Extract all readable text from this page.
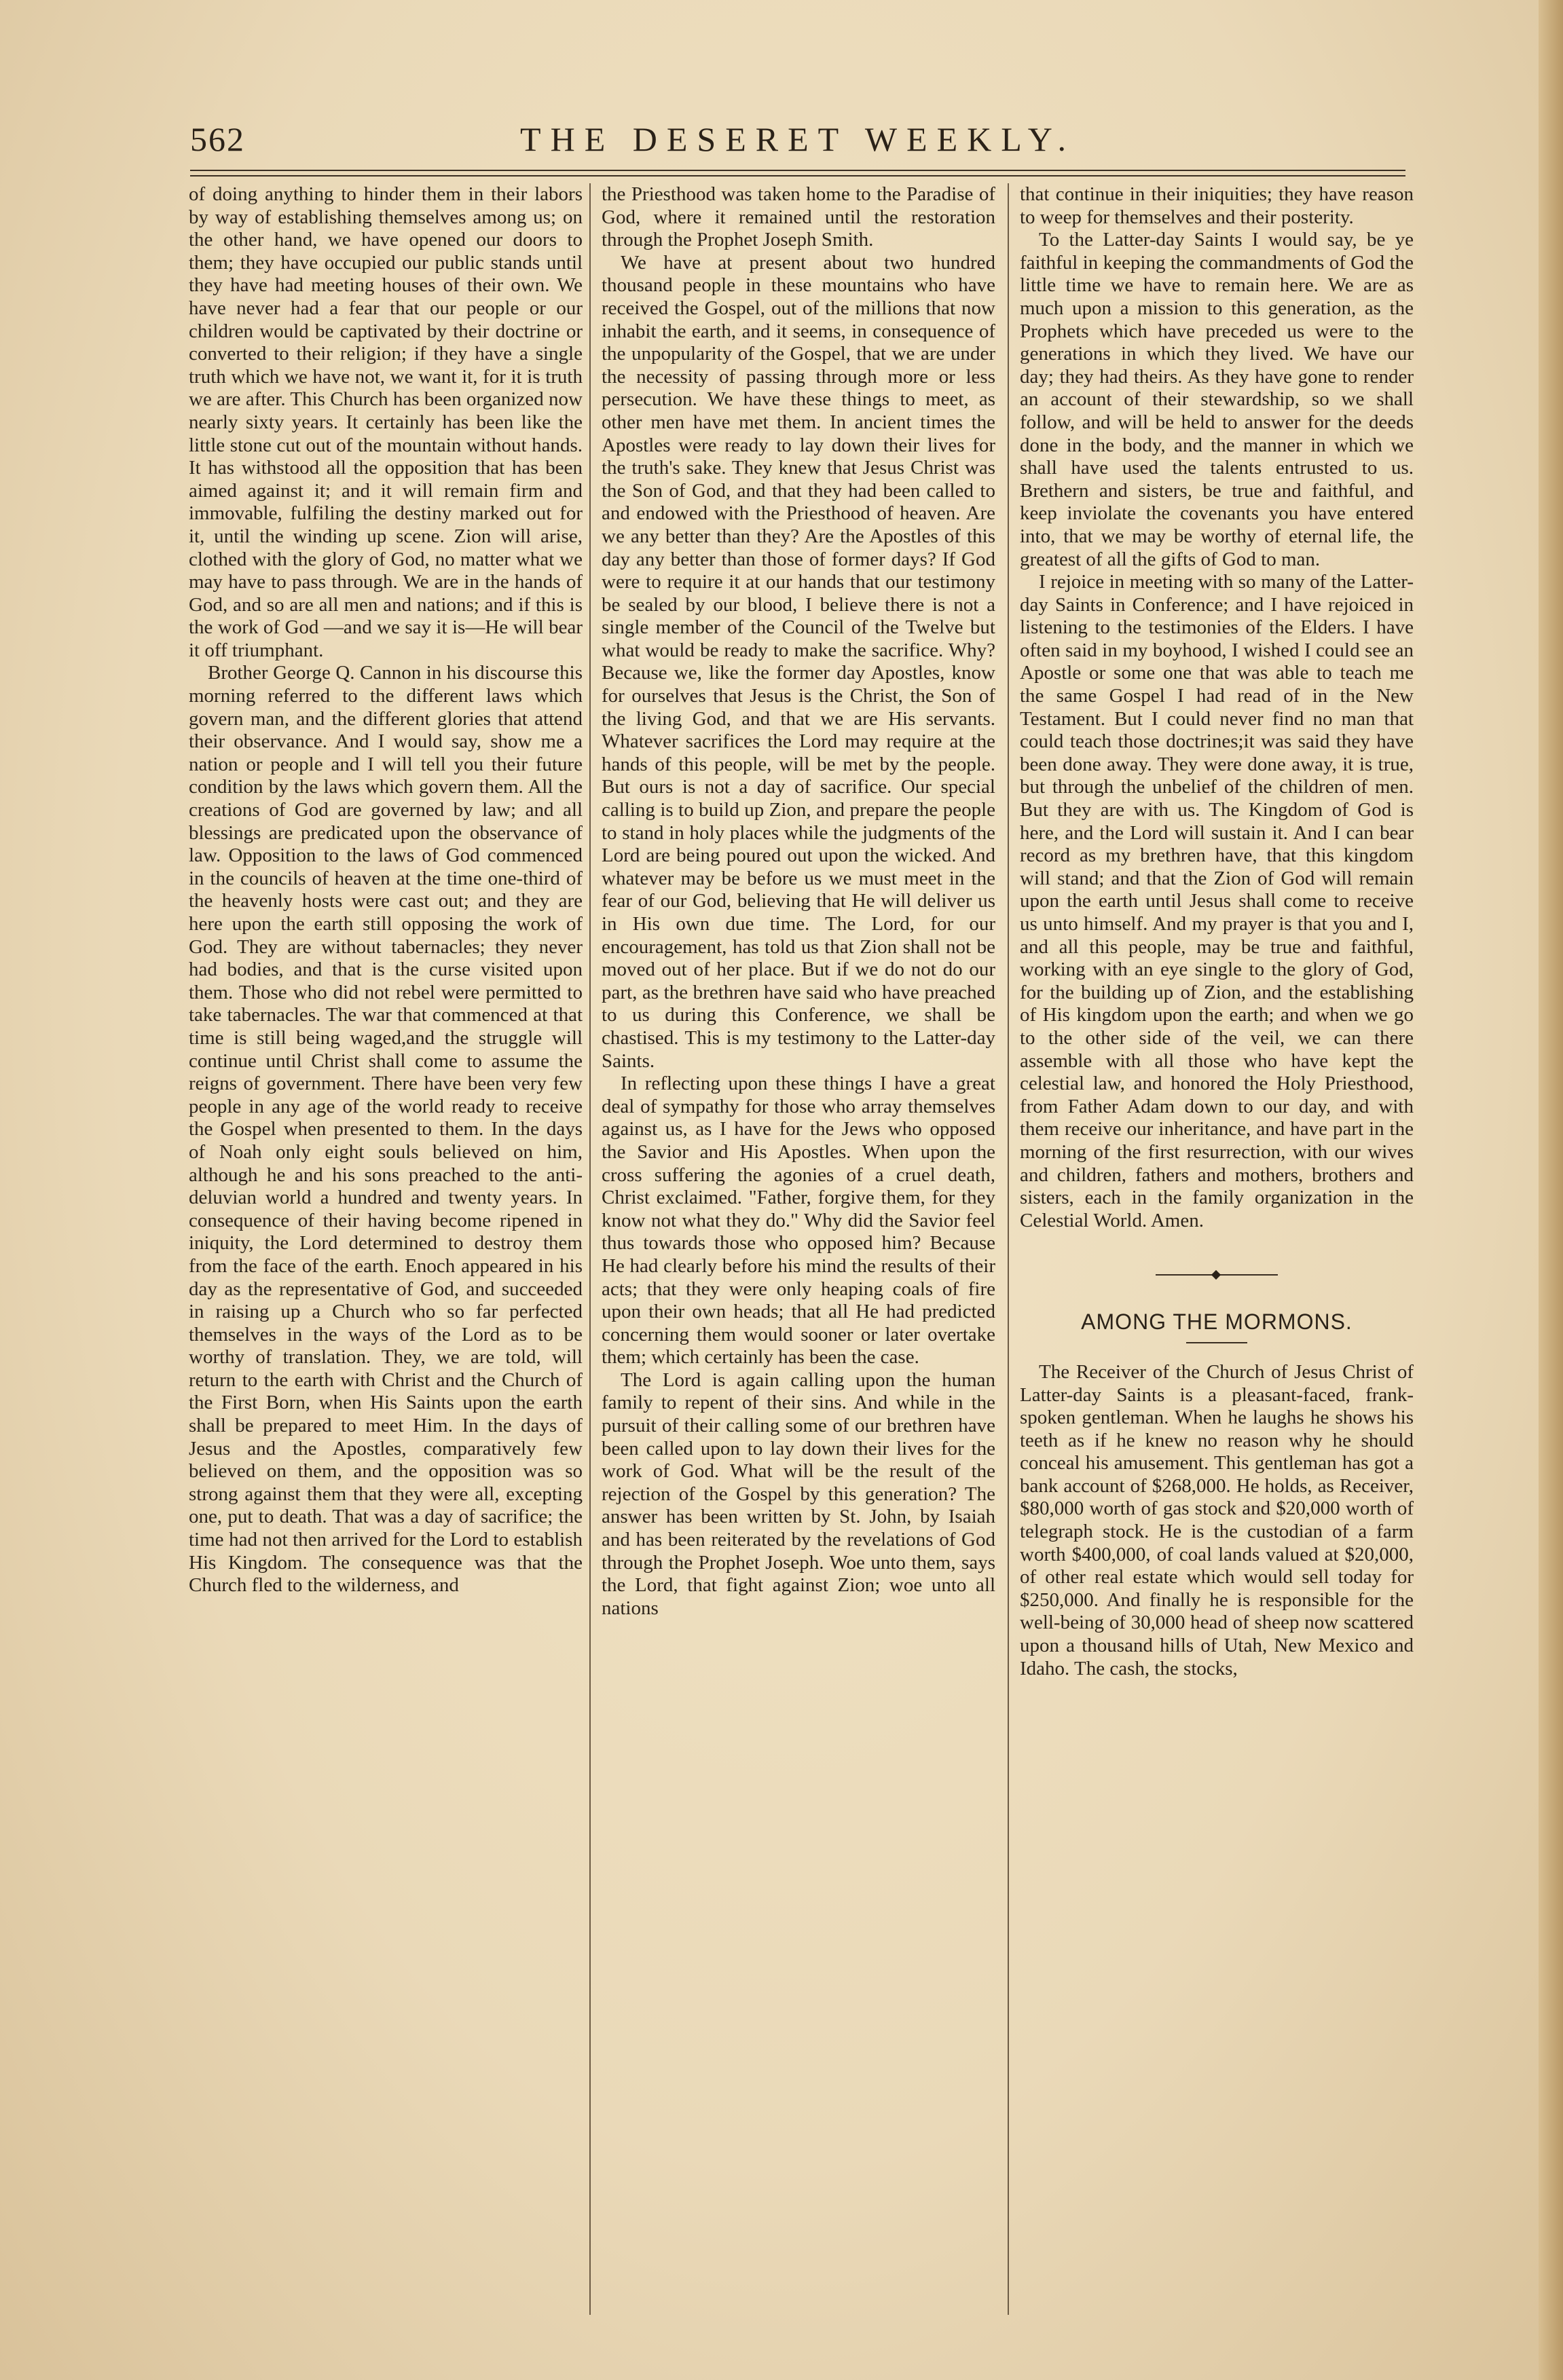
562	THE DESERET WEEKLY.

of doing anything to hinder them in their labors by way of establishing themselves among us; on the other hand, we have opened our doors to them; they have occupied our public stands until they have had meeting houses of their own. We have never had a fear that our people or our children would be captivated by their doctrine or converted to their religion; if they have a single truth which we have not, we want it, for it is truth we are after. This Church has been organized now nearly sixty years. It certainly has been like the little stone cut out of the mountain without hands. It has withstood all the opposition that has been aimed against it; and it will remain firm and immovable, fulfiling the destiny marked out for it, until the winding up scene. Zion will arise, clothed with the glory of God, no matter what we may have to pass through. We are in the hands of God, and so are all men and nations; and if this is the work of God —and we say it is—He will bear it off triumphant.

Brother George Q. Cannon in his discourse this morning referred to the different laws which govern man, and the different glories that attend their observance. And I would say, show me a nation or people and I will tell you their future condition by the laws which govern them. All the creations of God are governed by law; and all blessings are predicated upon the observance of law. Opposition to the laws of God commenced in the councils of heaven at the time one-third of the heavenly hosts were cast out; and they are here upon the earth still opposing the work of God. They are without tabernacles; they never had bodies, and that is the curse visited upon them. Those who did not rebel were permitted to take tabernacles. The war that commenced at that time is still being waged,and the struggle will continue until Christ shall come to assume the reigns of government. There have been very few people in any age of the world ready to receive the Gospel when presented to them. In the days of Noah only eight souls believed on him, although he and his sons preached to the anti-deluvian world a hundred and twenty years. In consequence of their having become ripened in iniquity, the Lord determined to destroy them from the face of the earth. Enoch appeared in his day as the representative of God, and succeeded in raising up a Church who so far perfected themselves in the ways of the Lord as to be worthy of translation. They, we are told, will return to the earth with Christ and the Church of the First Born, when His Saints upon the earth shall be prepared to meet Him. In the days of Jesus and the Apostles, comparatively few believed on them, and the opposition was so strong against them that they were all, excepting one, put to death. That was a day of sacrifice; the time had not then arrived for the Lord to establish His Kingdom. The consequence was that the Church fled to the wilderness, and

the Priesthood was taken home to the Paradise of God, where it remained until the restoration through the Prophet Joseph Smith.

We have at present about two hundred thousand people in these mountains who have received the Gospel, out of the millions that now inhabit the earth, and it seems, in consequence of the unpopularity of the Gospel, that we are under the necessity of passing through more or less persecution. We have these things to meet, as other men have met them. In ancient times the Apostles were ready to lay down their lives for the truth's sake. They knew that Jesus Christ was the Son of God, and that they had been called to and endowed with the Priesthood of heaven. Are we any better than they? Are the Apostles of this day any better than those of former days? If God were to require it at our hands that our testimony be sealed by our blood, I believe there is not a single member of the Council of the Twelve but what would be ready to make the sacrifice. Why? Because we, like the former day Apostles, know for ourselves that Jesus is the Christ, the Son of the living God, and that we are His servants. Whatever sacrifices the Lord may require at the hands of this people, will be met by the people. But ours is not a day of sacrifice. Our special calling is to build up Zion, and prepare the people to stand in holy places while the judgments of the Lord are being poured out upon the wicked. And whatever may be before us we must meet in the fear of our God, believing that He will deliver us in His own due time. The Lord, for our encouragement, has told us that Zion shall not be moved out of her place. But if we do not do our part, as the brethren have said who have preached to us during this Conference, we shall be chastised. This is my testimony to the Latter-day Saints.

In reflecting upon these things I have a great deal of sympathy for those who array themselves against us, as I have for the Jews who opposed the Savior and His Apostles. When upon the cross suffering the agonies of a cruel death, Christ exclaimed. "Father, forgive them, for they know not what they do." Why did the Savior feel thus towards those who opposed him? Because He had clearly before his mind the results of their acts; that they were only heaping coals of fire upon their own heads; that all He had predicted concerning them would sooner or later overtake them; which certainly has been the case.

The Lord is again calling upon the human family to repent of their sins. And while in the pursuit of their calling some of our brethren have been called upon to lay down their lives for the work of God. What will be the result of the rejection of the Gospel by this generation? The answer has been written by St. John, by Isaiah and has been reiterated by the revelations of God through the Prophet Joseph. Woe unto them, says the Lord, that fight against Zion; woe unto all nations

that continue in their iniquities; they have reason to weep for themselves and their posterity.

To the Latter-day Saints I would say, be ye faithful in keeping the commandments of God the little time we have to remain here. We are as much upon a mission to this generation, as the Prophets which have preceded us were to the generations in which they lived. We have our day; they had theirs. As they have gone to render an account of their stewardship, so we shall follow, and will be held to answer for the deeds done in the body, and the manner in which we shall have used the talents entrusted to us. Brethern and sisters, be true and faithful, and keep inviolate the covenants you have entered into, that we may be worthy of eternal life, the greatest of all the gifts of God to man.

I rejoice in meeting with so many of the Latter-day Saints in Conference; and I have rejoiced in listening to the testimonies of the Elders. I have often said in my boyhood, I wished I could see an Apostle or some one that was able to teach me the same Gospel I had read of in the New Testament. But I could never find no man that could teach those doctrines;it was said they have been done away. They were done away, it is true, but through the unbelief of the children of men. But they are with us. The Kingdom of God is here, and the Lord will sustain it. And I can bear record as my brethren have, that this kingdom will stand; and that the Zion of God will remain upon the earth until Jesus shall come to receive us unto himself. And my prayer is that you and I, and all this people, may be true and faithful, working with an eye single to the glory of God, for the building up of Zion, and the establishing of His kingdom upon the earth; and when we go to the other side of the veil, we can there assemble with all those who have kept the celestial law, and honored the Holy Priesthood, from Father Adam down to our day, and with them receive our inheritance, and have part in the morning of the first resurrection, with our wives and children, fathers and mothers, brothers and sisters, each in the family organization in the Celestial World. Amen.

AMONG THE MORMONS.

The Receiver of the Church of Jesus Christ of Latter-day Saints is a pleasant-faced, frank-spoken gentleman. When he laughs he shows his teeth as if he knew no reason why he should conceal his amusement. This gentleman has got a bank account of $268,000. He holds, as Receiver, $80,000 worth of gas stock and $20,000 worth of telegraph stock. He is the custodian of a farm worth $400,000, of coal lands valued at $20,000, of other real estate which would sell today for $250,000. And finally he is responsible for the well-being of 30,000 head of sheep now scattered upon a thousand hills of Utah, New Mexico and Idaho. The cash, the stocks,
